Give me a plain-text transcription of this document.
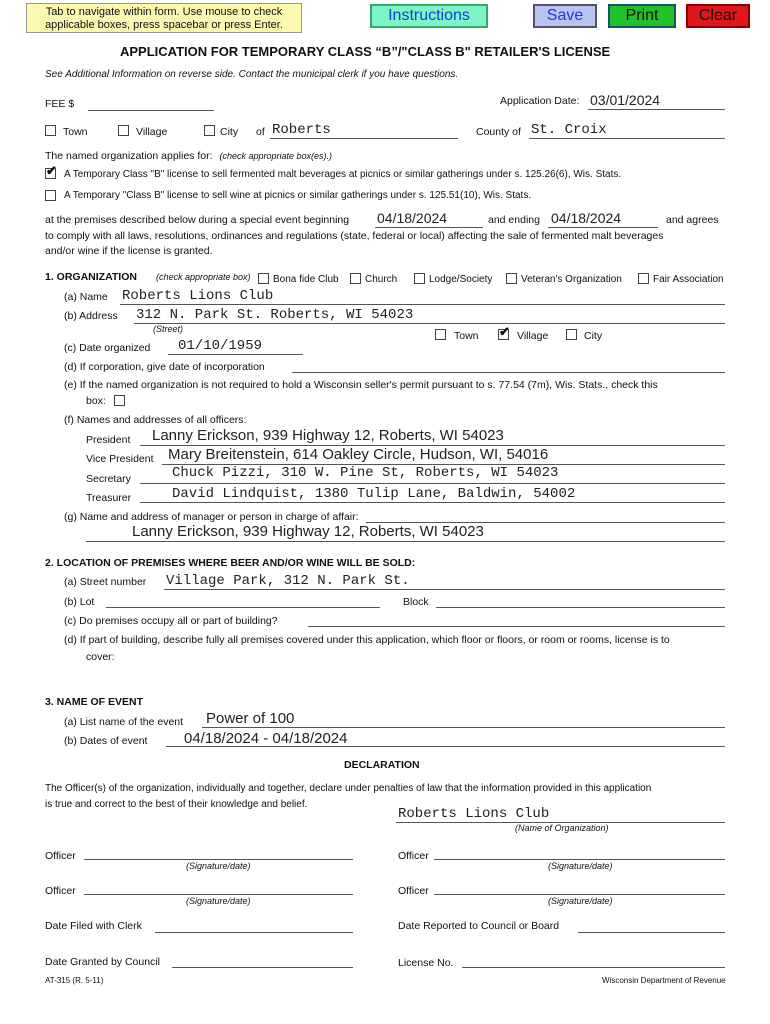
Tab to navigate within form. Use mouse to check applicable boxes, press spacebar or press Enter.
Instructions	Save	Print	Clear
APPLICATION FOR TEMPORARY CLASS “B”/"CLASS B" RETAILER'S LICENSE
See Additional Information on reverse side. Contact the municipal clerk if you have questions.
FEE $	Application Date: 03/01/2024
Town	Village	City of Roberts	County of St. Croix
The named organization applies for: (check appropriate box(es).)
✔ A Temporary Class "B" license to sell fermented malt beverages at picnics or similar gatherings under s. 125.26(6), Wis. Stats.
A Temporary "Class B" license to sell wine at picnics or similar gatherings under s. 125.51(10), Wis. Stats.
at the premises described below during a special event beginning 04/18/2024	and ending 04/18/2024	and agrees
to comply with all laws, resolutions, ordinances and regulations (state, federal or local) affecting the sale of fermented malt beverages
and/or wine if the license is granted.
1. ORGANIZATION (check appropriate box) Bona fide Club	Church	Lodge/Society	Veteran's Organization	Fair Association
(a) Name Roberts Lions Club
(b) Address 312 N. Park St. Roberts, WI 54023
(Street)
Town ✔ Village	City
(c) Date organized 01/10/1959
(d) If corporation, give date of incorporation
(e) If the named organization is not required to hold a Wisconsin seller's permit pursuant to s. 77.54 (7m), Wis. Stats., check this
box:
(f) Names and addresses of all officers:
President Lanny Erickson, 939 Highway 12, Roberts, WI 54023
Vice President Mary Breitenstein, 614 Oakley Circle, Hudson, WI, 54016
Secretary	Chuck Pizzi, 310 W. Pine St, Roberts, WI 54023
Treasurer	David Lindquist, 1380 Tulip Lane, Baldwin, 54002
(g) Name and address of manager or person in charge of affair:
Lanny Erickson, 939 Highway 12, Roberts, WI 54023
2. LOCATION OF PREMISES WHERE BEER AND/OR WINE WILL BE SOLD:
(a) Street number Village Park, 312 N. Park St.
(b) Lot	Block
(c) Do premises occupy all or part of building?
(d) If part of building, describe fully all premises covered under this application, which floor or floors, or room or rooms, license is to
cover:
3. NAME OF EVENT
(a) List name of the event Power of 100
(b) Dates of event 04/18/2024 - 04/18/2024
DECLARATION
The Officer(s) of the organization, individually and together, declare under penalties of law that the information provided in this application
is true and correct to the best of their knowledge and belief.
Roberts Lions Club
(Name of Organization)
Officer
(Signature/date)
Officer
(Signature/date)
Officer
(Signature/date)
Officer
(Signature/date)
Date Filed with Clerk	Date Reported to Council or Board
Date Granted by Council	License No.
AT-315 (R. 5-11)	Wisconsin Department of Revenue
